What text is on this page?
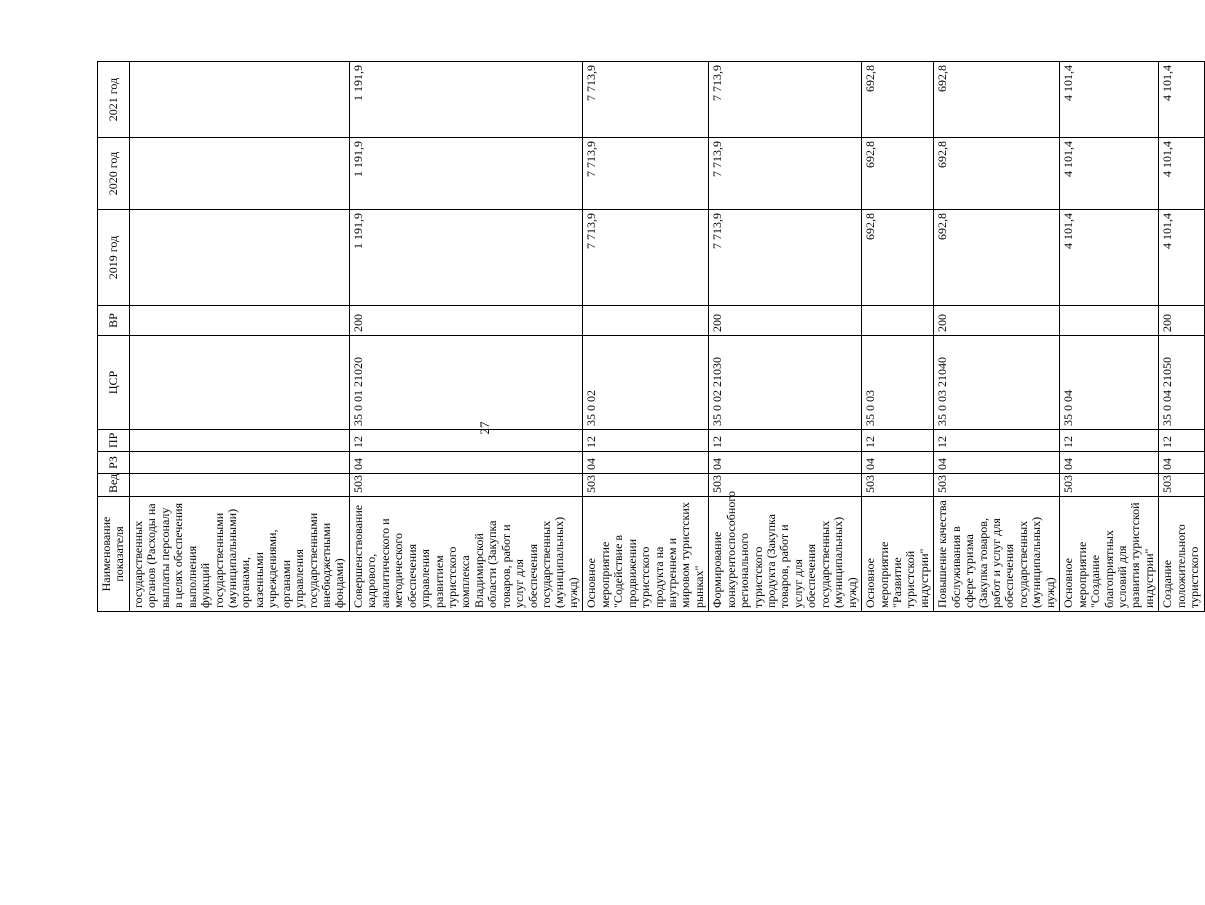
27
Наименование показателя	Вед	РЗ	ПР	ЦСР	ВР	2019 год	2020 год	2021 год
государственных органов (Расходы на выплаты персоналу в целях обеспечения выполнения функций государственными (муниципальными) органами, казенными учреждениями, органами управления государственными внебюджетными фондами)								
Совершенствование кадрового, аналитического и методического обеспечения управления развитием туристского комплекса Владимирской области (Закупка товаров, работ и услуг для обеспечения государственных (муниципальных) нужд)	503	04	12	35 0 01 21020	200	1 191,9	1 191,9	1 191,9
Основное мероприятие "Содействие в продвижении туристского продукта на внутреннем и мировом туристских рынках"	503	04	12	35 0 02		7 713,9	7 713,9	7 713,9
Формирование конкурентоспособного регионального туристского продукта (Закупка товаров, работ и услуг для обеспечения государственных (муниципальных) нужд)	503	04	12	35 0 02 21030	200	7 713,9	7 713,9	7 713,9
Основное мероприятие "Развитие туристской индустрии"	503	04	12	35 0 03		692,8	692,8	692,8
Повышение качества обслуживания в сфере туризма (Закупка товаров, работ и услуг для обеспечения государственных (муниципальных) нужд)	503	04	12	35 0 03 21040	200	692,8	692,8	692,8
Основное мероприятие "Создание благоприятных условий для развития туристской индустрии"	503	04	12	35 0 04		4 101,4	4 101,4	4 101,4
Создание положительного туристского	503	04	12	35 0 04 21050	200	4 101,4	4 101,4	4 101,4
